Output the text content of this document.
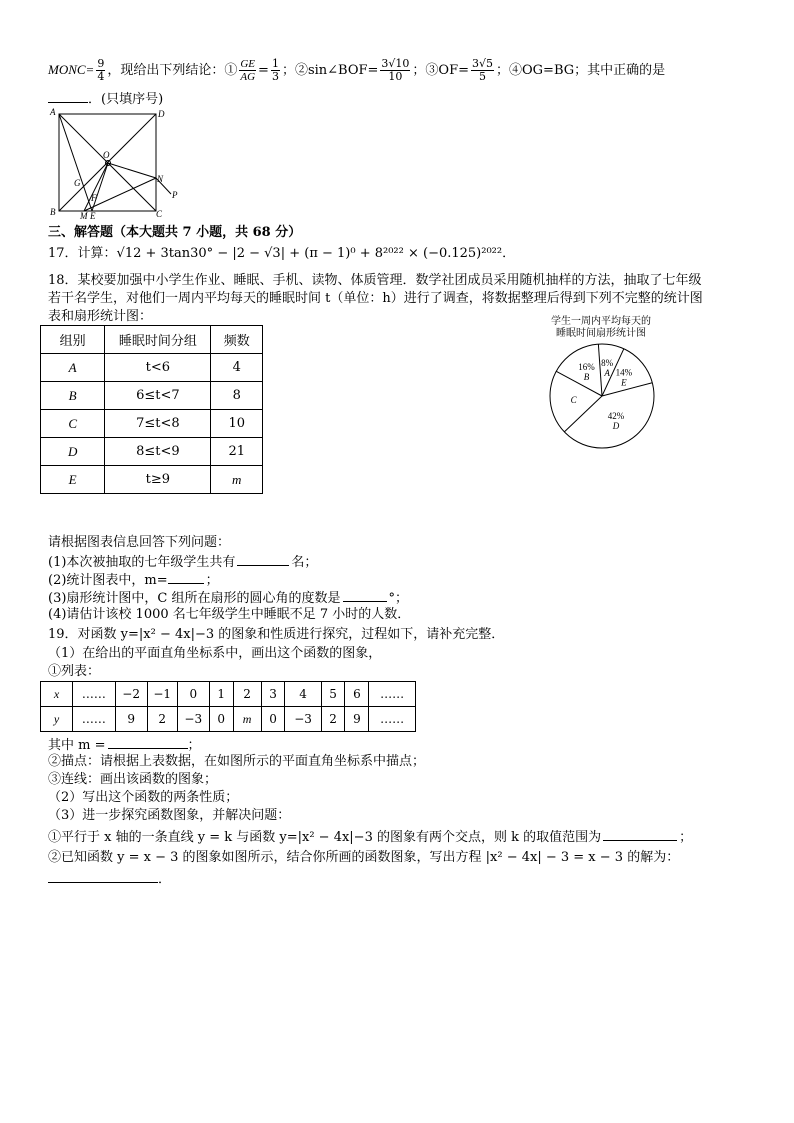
MONC= $\frac{9}{4}$ ，现给出下列结论：① $\frac{GE}{AG} = \frac{1}{3}$ ；②sin∠BOF= $\frac{3√10}{10}$ ；③OF= $\frac{3√5}{5}$ ；④OG=BG；其中正确的是
．(只填序号)
A	D
B	C
O
G
F
N
P
M E
三、解答题（本大题共 7 小题，共 68 分）
17．计算：√12 + 3tan30° − |2 − √3| + (π − 1)⁰ + 8²⁰²² × (−0.125)²⁰²²．
18．某校要加强中小学生作业、睡眠、手机、读物、体质管理．数学社团成员采用随机抽样的方法，抽取了七年级
若干名学生，对他们一周内平均每天的睡眠时间 t（单位：h）进行了调查，将数据整理后得到下列不完整的统计图
表和扇形统计图：
组别	睡眠时间分组	频数
A	t<6	4
B	6≤t<7	8
C	7≤t<8	10
D	8≤t<9	21
E	t≥9	m
学生一周内平均每天的
睡眠时间扇形统计图
A
8%
E
14%
D
42%
C
B
16%
请根据图表信息回答下列问题：
(1)本次被抽取的七年级学生共有	名；
(2)统计图表中，m=	；
(3)扇形统计图中，C 组所在扇形的圆心角的度数是	°；
(4)请估计该校 1000 名七年级学生中睡眠不足 7 小时的人数．
19．对函数 y=|x² − 4x|−3 的图象和性质进行探究，过程如下，请补充完整．
（1）在给出的平面直角坐标系中，画出这个函数的图象，
①列表：
x	……	−2	−1	0	1	2	3	4	5	6	……
y	……	9	2	−3	0	m	0	−3	2	9	……
其中 m =	；
②描点：请根据上表数据，在如图所示的平面直角坐标系中描点；
③连线：画出该函数的图象；
（2）写出这个函数的两条性质；
（3）进一步探究函数图象，并解决问题：
①平行于 x 轴的一条直线 y = k 与函数 y=|x² − 4x|−3 的图象有两个交点，则 k 的取值范围为	；
②已知函数 y = x − 3 的图象如图所示，结合你所画的函数图象，写出方程 |x² − 4x| − 3 = x − 3 的解为：
．
